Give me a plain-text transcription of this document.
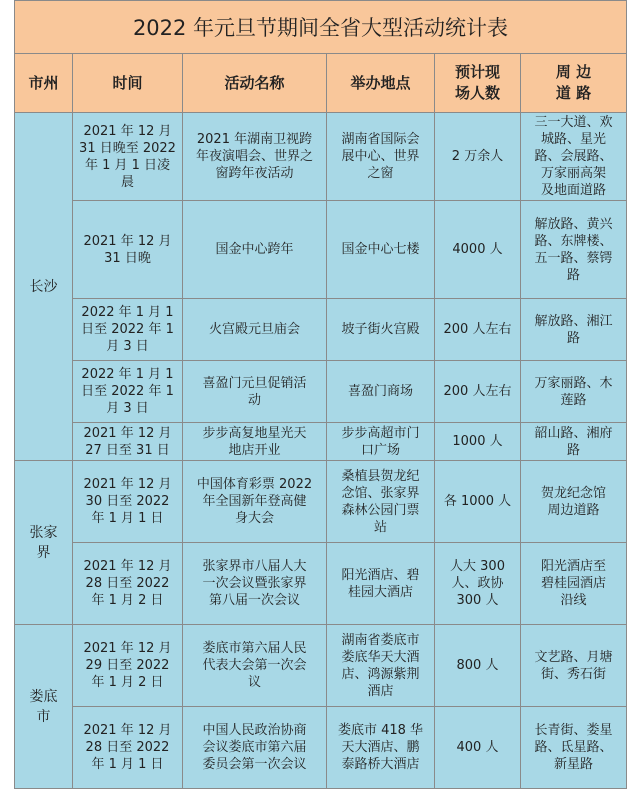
2022 年元旦节期间全省大型活动统计表					
市州	时间	活动名称	举办地点	预计现
场人数	周 边
道 路
长沙	2021 年 12 月
31 日晚至 2022
年 1 月 1 日凌
晨	2021 年湖南卫视跨
年夜演唱会、世界之
窗跨年夜活动	湖南省国际会
展中心、世界
之窗	2 万余人	三一大道、欢
城路、星光
路、会展路、
万家丽高架
及地面道路
	2021 年 12 月
31 日晚	国金中心跨年	国金中心七楼	4000 人	解放路、黄兴
路、东牌楼、
五一路、蔡锷
路
	2022 年 1 月 1
日至 2022 年 1
月 3 日	火宫殿元旦庙会	坡子街火宫殿	200 人左右	解放路、湘江
路
	2022 年 1 月 1
日至 2022 年 1
月 3 日	喜盈门元旦促销活
动	喜盈门商场	200 人左右	万家丽路、木
莲路
	2021 年 12 月
27 日至 31 日	步步高复地星光天
地店开业	步步高超市门
口广场	1000 人	韶山路、湘府
路
张家
界	2021 年 12 月
30 日至 2022
年 1 月 1 日	中国体育彩票 2022
年全国新年登高健
身大会	桑植县贺龙纪
念馆、张家界
森林公园门票
站	各 1000 人	贺龙纪念馆
周边道路
	2021 年 12 月
28 日至 2022
年 1 月 2 日	张家界市八届人大
一次会议暨张家界
第八届一次会议	阳光酒店、碧
桂园大酒店	人大 300
人、政协
300 人	阳光酒店至
碧桂园酒店
沿线
娄底
市	2021 年 12 月
29 日至 2022
年 1 月 2 日	娄底市第六届人民
代表大会第一次会
议	湖南省娄底市
娄底华天大酒
店、鸿源紫荆
酒店	800 人	文艺路、月塘
街、秀石街
	2021 年 12 月
28 日至 2022
年 1 月 1 日	中国人民政治协商
会议娄底市第六届
委员会第一次会议	娄底市 418 华
天大酒店、鹏
泰路桥大酒店	400 人	长青街、娄星
路、氐星路、
新星路
